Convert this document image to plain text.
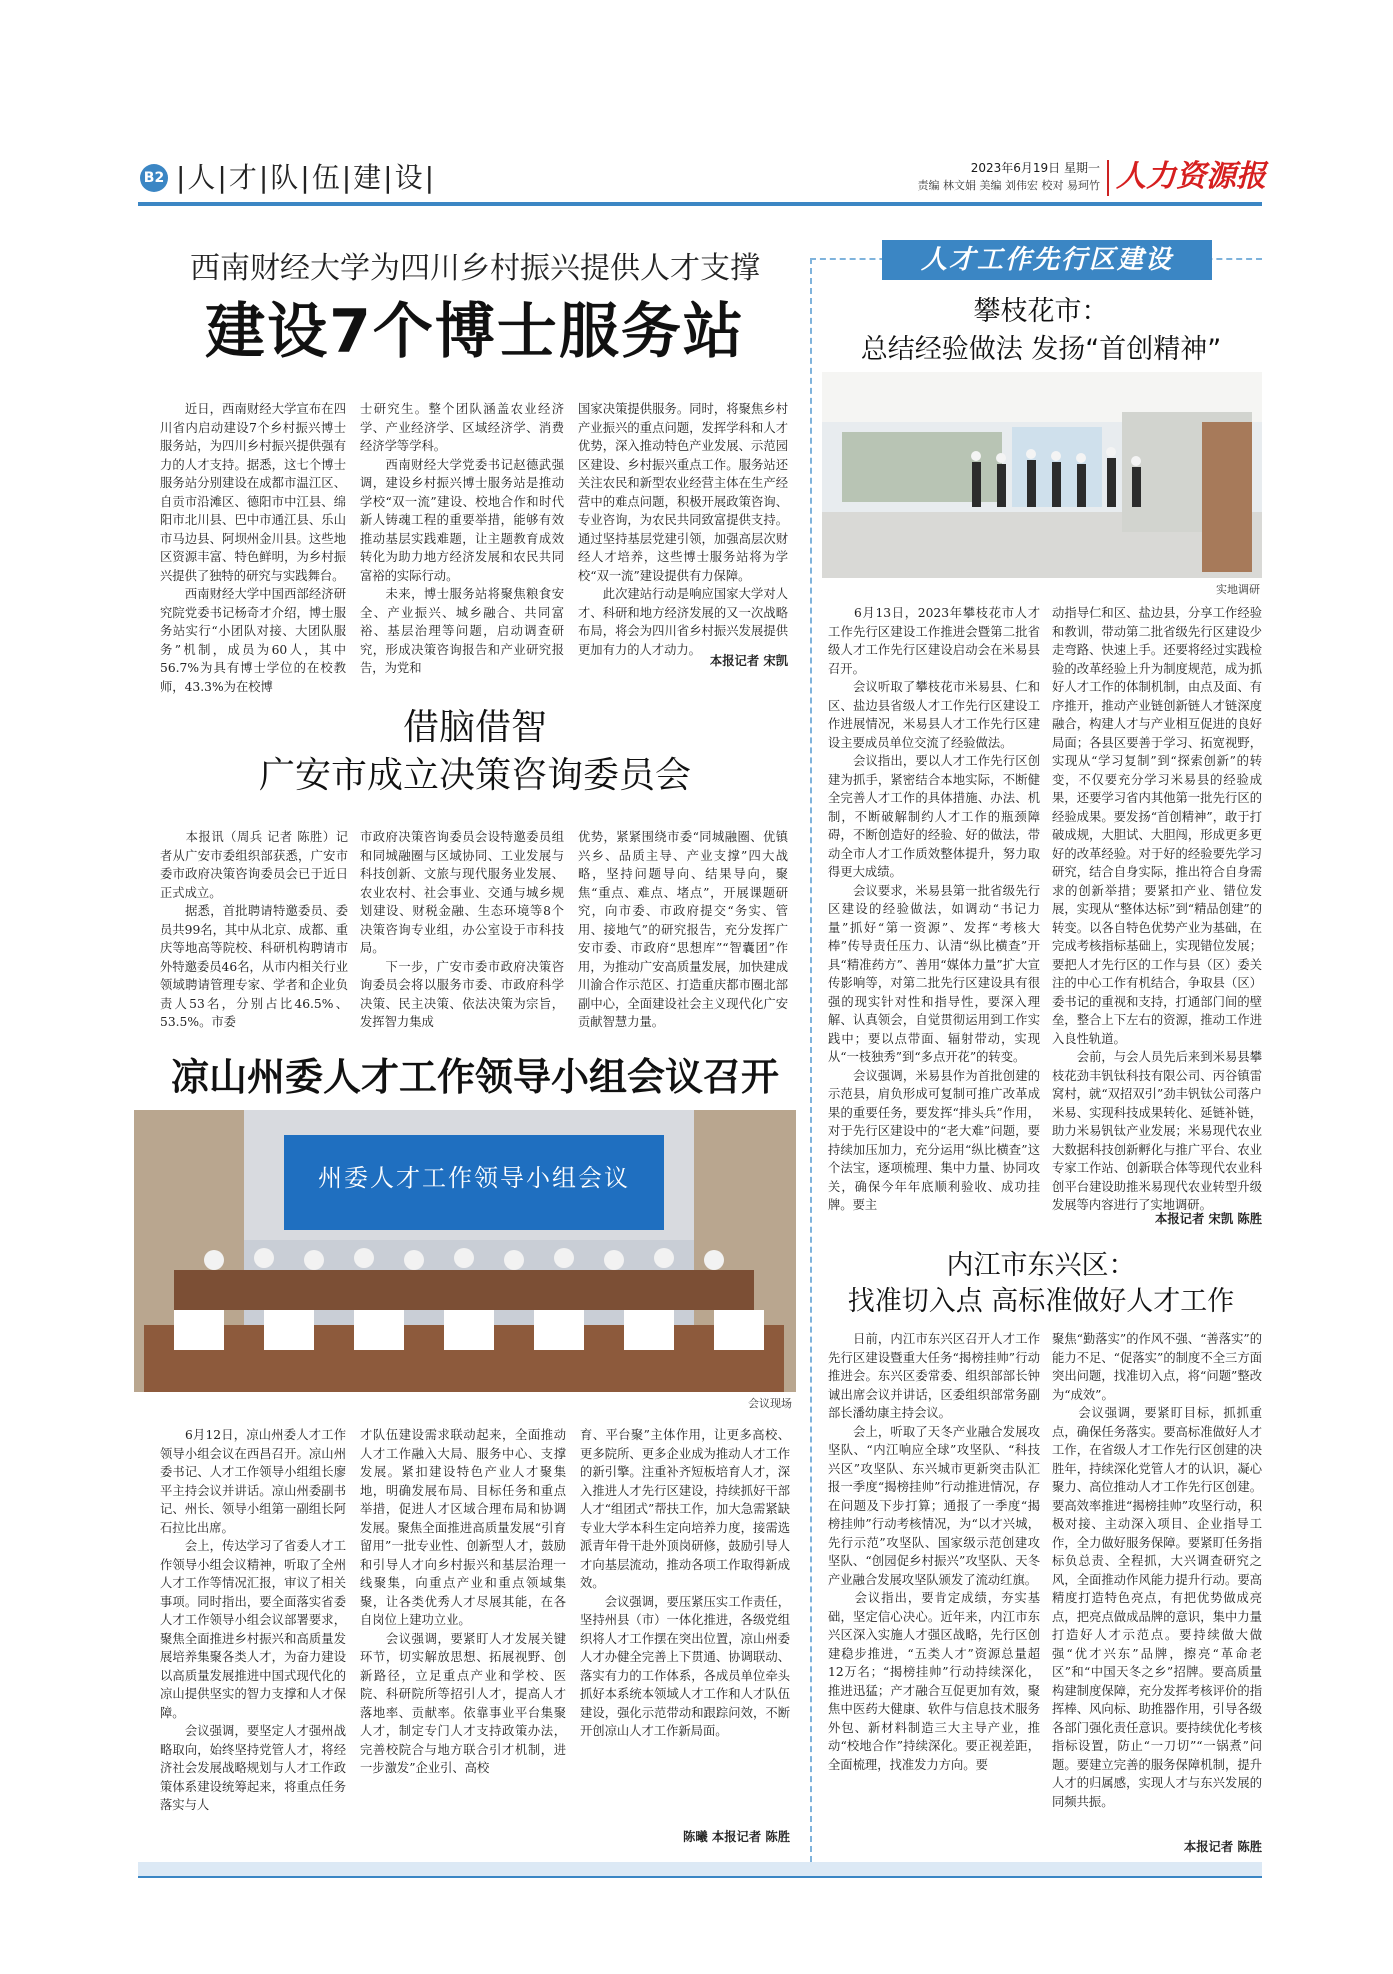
B2 |人|才|队|伍|建|设|	2023年6月19日 星期一
责编 林文娟 美编 刘伟宏 校对 易珂竹 人力资源报
西南财经大学为四川乡村振兴提供人才支撑
建设7个博士服务站
　　近日，西南财经大学宣布在四川省内启动建设7个乡村振兴博士服务站，为四川乡村振兴提供强有力的人才支持。据悉，这七个博士服务站分别建设在成都市温江区、自贡市沿滩区、德阳市中江县、绵阳市北川县、巴中市通江县、乐山市马边县、阿坝州金川县。这些地区资源丰富、特色鲜明，为乡村振兴提供了独特的研究与实践舞台。
　　西南财经大学中国西部经济研究院党委书记杨奇才介绍，博士服务站实行“小团队对接、大团队服务”机制，成员为60人，其中56.7%为具有博士学位的在校教师，43.3%为在校博
士研究生。整个团队涵盖农业经济学、产业经济学、区域经济学、消费经济学等学科。
　　西南财经大学党委书记赵德武强调，建设乡村振兴博士服务站是推动学校“双一流”建设、校地合作和时代新人铸魂工程的重要举措，能够有效推动基层实践难题，让主题教育成效转化为助力地方经济发展和农民共同富裕的实际行动。
　　未来，博士服务站将聚焦粮食安全、产业振兴、城乡融合、共同富裕、基层治理等问题，启动调查研究，形成决策咨询报告和产业研究报告，为党和
国家决策提供服务。同时，将聚焦乡村产业振兴的重点问题，发挥学科和人才优势，深入推动特色产业发展、示范园区建设、乡村振兴重点工作。服务站还关注农民和新型农业经营主体在生产经营中的难点问题，积极开展政策咨询、专业咨询，为农民共同致富提供支持。通过坚持基层党建引领，加强高层次财经人才培养，这些博士服务站将为学校“双一流”建设提供有力保障。
　　此次建站行动是响应国家大学对人才、科研和地方经济发展的又一次战略布局，将会为四川省乡村振兴发展提供更加有力的人才动力。
本报记者 宋凯
借脑借智
广安市成立决策咨询委员会
　　本报讯（周兵 记者 陈胜）记者从广安市委组织部获悉，广安市委市政府决策咨询委员会已于近日正式成立。
　　据悉，首批聘请特邀委员、委员共99名，其中从北京、成都、重庆等地高等院校、科研机构聘请市外特邀委员46名，从市内相关行业领域聘请管理专家、学者和企业负责人53名，分别占比46.5%、53.5%。市委
市政府决策咨询委员会设特邀委员组和同城融圈与区域协同、工业发展与科技创新、文旅与现代服务业发展、农业农村、社会事业、交通与城乡规划建设、财税金融、生态环境等8个决策咨询专业组，办公室设于市科技局。
　　下一步，广安市委市政府决策咨询委员会将以服务市委、市政府科学决策、民主决策、依法决策为宗旨，发挥智力集成
优势，紧紧围绕市委“同城融圈、优镇兴乡、品质主导、产业支撑”四大战略，坚持问题导向、结果导向，聚焦“重点、难点、堵点”，开展课题研究，向市委、市政府提交“务实、管用、接地气”的研究报告，充分发挥广安市委、市政府“思想库”“智囊团”作用，为推动广安高质量发展，加快建成川渝合作示范区、打造重庆都市圈北部副中心，全面建设社会主义现代化广安贡献智慧力量。
凉山州委人才工作领导小组会议召开
州委人才工作领导小组会议
会议现场
　　6月12日，凉山州委人才工作领导小组会议在西昌召开。凉山州委书记、人才工作领导小组组长廖平主持会议并讲话。凉山州委副书记、州长、领导小组第一副组长阿石拉比出席。
　　会上，传达学习了省委人才工作领导小组会议精神，听取了全州人才工作等情况汇报，审议了相关事项。同时指出，要全面落实省委人才工作领导小组会议部署要求，聚焦全面推进乡村振兴和高质量发展培养集聚各类人才，为奋力建设以高质量发展推进中国式现代化的凉山提供坚实的智力支撑和人才保障。
　　会议强调，要坚定人才强州战略取向，始终坚持党管人才，将经济社会发展战略规划与人才工作政策体系建设统筹起来，将重点任务落实与人
才队伍建设需求联动起来，全面推动人才工作融入大局、服务中心、支撑发展。紧扣建设特色产业人才聚集地，明确发展布局、目标任务和重点举措，促进人才区域合理布局和协调发展。聚焦全面推进高质量发展“引育留用”一批专业性、创新型人才，鼓励和引导人才向乡村振兴和基层治理一线聚集，向重点产业和重点领域集聚，让各类优秀人才尽展其能，在各自岗位上建功立业。
　　会议强调，要紧盯人才发展关键环节，切实解放思想、拓展视野、创新路径，立足重点产业和学校、医院、科研院所等招引人才，提高人才落地率、贡献率。依靠事业平台集聚人才，制定专门人才支持政策办法，完善校院合与地方联合引才机制，进一步激发”企业引、高校
育、平台聚”主体作用，让更多高校、更多院所、更多企业成为推动人才工作的新引擎。注重补齐短板培育人才，深入推进人才先行区建设，持续抓好干部人才“组团式”帮扶工作，加大急需紧缺专业大学本科生定向培养力度，接需选派青年骨干赴外顶岗研修，鼓励引导人才向基层流动，推动各项工作取得新成效。
　　会议强调，要压紧压实工作责任，坚持州县（市）一体化推进，各级党组织将人才工作摆在突出位置，凉山州委人才办健全完善上下贯通、协调联动、落实有力的工作体系，各成员单位牵头抓好本系统本领域人才工作和人才队伍建设，强化示范带动和跟踪问效，不断开创凉山人才工作新局面。
陈曦 本报记者 陈胜
人才工作先行区建设
攀枝花市：
总结经验做法 发扬“首创精神”
实地调研
　　6月13日，2023年攀枝花市人才工作先行区建设工作推进会暨第二批省级人才工作先行区建设启动会在米易县召开。
　　会议听取了攀枝花市米易县、仁和区、盐边县省级人才工作先行区建设工作进展情况，米易县人才工作先行区建设主要成员单位交流了经验做法。
　　会议指出，要以人才工作先行区创建为抓手，紧密结合本地实际，不断健全完善人才工作的具体措施、办法、机制，不断破解制约人才工作的瓶颈障碍，不断创造好的经验、好的做法，带动全市人才工作质效整体提升，努力取得更大成绩。
　　会议要求，米易县第一批省级先行区建设的经验做法，如调动“书记力量”抓好“第一资源”、发挥“考核大棒”传导责任压力、认清“纵比横查”开具“精准药方”、善用“媒体力量”扩大宣传影响等，对第二批先行区建设具有很强的现实针对性和指导性，要深入理解、认真领会，自觉贯彻运用到工作实践中；要以点带面、辐射带动，实现从“一枝独秀”到“多点开花”的转变。
　　会议强调，米易县作为首批创建的示范县，肩负形成可复制可推广改革成果的重要任务，要发挥“排头兵”作用，对于先行区建设中的“老大难”问题，要持续加压加力，充分运用“纵比横查”这个法宝，逐项梳理、集中力量、协同攻关，确保今年年底顺利验收、成功挂牌。要主
动指导仁和区、盐边县，分享工作经验和教训，带动第二批省级先行区建设少走弯路、快速上手。还要将经过实践检验的改革经验上升为制度规范，成为抓好人才工作的体制机制，由点及面、有序推开，推动产业链创新链人才链深度融合，构建人才与产业相互促进的良好局面；各县区要善于学习、拓宽视野，实现从“学习复制”到“探索创新”的转变，不仅要充分学习米易县的经验成果，还要学习省内其他第一批先行区的经验成果。要发扬“首创精神”，敢于打破成规，大胆试、大胆闯，形成更多更好的改革经验。对于好的经验要先学习研究，结合自身实际，推出符合自身需求的创新举措；要紧扣产业、错位发展，实现从“整体达标”到“精品创建”的转变。以各自特色优势产业为基础，在完成考核指标基础上，实现错位发展；要把人才先行区的工作与县（区）委关注的中心工作有机结合，争取县（区）委书记的重视和支持，打通部门间的壁垒，整合上下左右的资源，推动工作进入良性轨道。
　　会前，与会人员先后来到米易县攀枝花劲丰钒钛科技有限公司、丙谷镇雷窝村，就“双招双引”劲丰钒钛公司落户米易、实现科技成果转化、延链补链，助力米易钒钛产业发展；米易现代农业大数据科技创新孵化与推广平台、农业专家工作站、创新联合体等现代农业科创平台建设助推米易现代农业转型升级发展等内容进行了实地调研。
本报记者 宋凯 陈胜
内江市东兴区：
找准切入点 高标准做好人才工作
　　日前，内江市东兴区召开人才工作先行区建设暨重大任务“揭榜挂帅”行动推进会。东兴区委常委、组织部部长钟诚出席会议并讲话，区委组织部常务副部长潘幼康主持会议。
　　会上，听取了天冬产业融合发展攻坚队、“内江响应全球”攻坚队、“科技兴区”攻坚队、东兴城市更新突击队汇报一季度“揭榜挂帅”行动推进情况，存在问题及下步打算；通报了一季度“揭榜挂帅”行动考核情况，为“以才兴城，先行示范”攻坚队、国家级示范创建攻坚队、“创园促乡村振兴”攻坚队、天冬产业融合发展攻坚队颁发了流动红旗。
　　会议指出，要肯定成绩，夯实基础，坚定信心决心。近年来，内江市东兴区深入实施人才强区战略，先行区创建稳步推进，“五类人才”资源总量超12万名；“揭榜挂帅”行动持续深化，推进迅猛；产才融合互促更加有效，聚焦中医药大健康、软件与信息技术服务外包、新材料制造三大主导产业，推动“校地合作”持续深化。要正视差距，全面梳理，找准发力方向。要
聚焦“勤落实”的作风不强、“善落实”的能力不足、“促落实”的制度不全三方面突出问题，找准切入点，将“问题”整改为“成效”。
　　会议强调，要紧盯目标，抓抓重点，确保任务落实。要高标准做好人才工作，在省级人才工作先行区创建的决胜年，持续深化党管人才的认识，凝心聚力、高位推动人才工作先行区创建。要高效率推进“揭榜挂帅”攻坚行动，积极对接、主动深入项目、企业指导工作，全力做好服务保障。要紧盯任务指标负总责、全程抓，大兴调查研究之风，全面推动作风能力提升行动。要高精度打造特色亮点，有把优势做成亮点，把亮点做成品牌的意识，集中力量打造好人才示范点。要持续做大做强“优才兴东”品牌，擦亮“革命老区”和“中国天冬之乡”招牌。要高质量构建制度保障，充分发挥考核评价的指挥棒、风向标、助推器作用，引导各级各部门强化责任意识。要持续优化考核指标设置，防止“一刀切”“一锅煮”问题。要建立完善的服务保障机制，提升人才的归属感，实现人才与东兴发展的同频共振。
本报记者 陈胜
